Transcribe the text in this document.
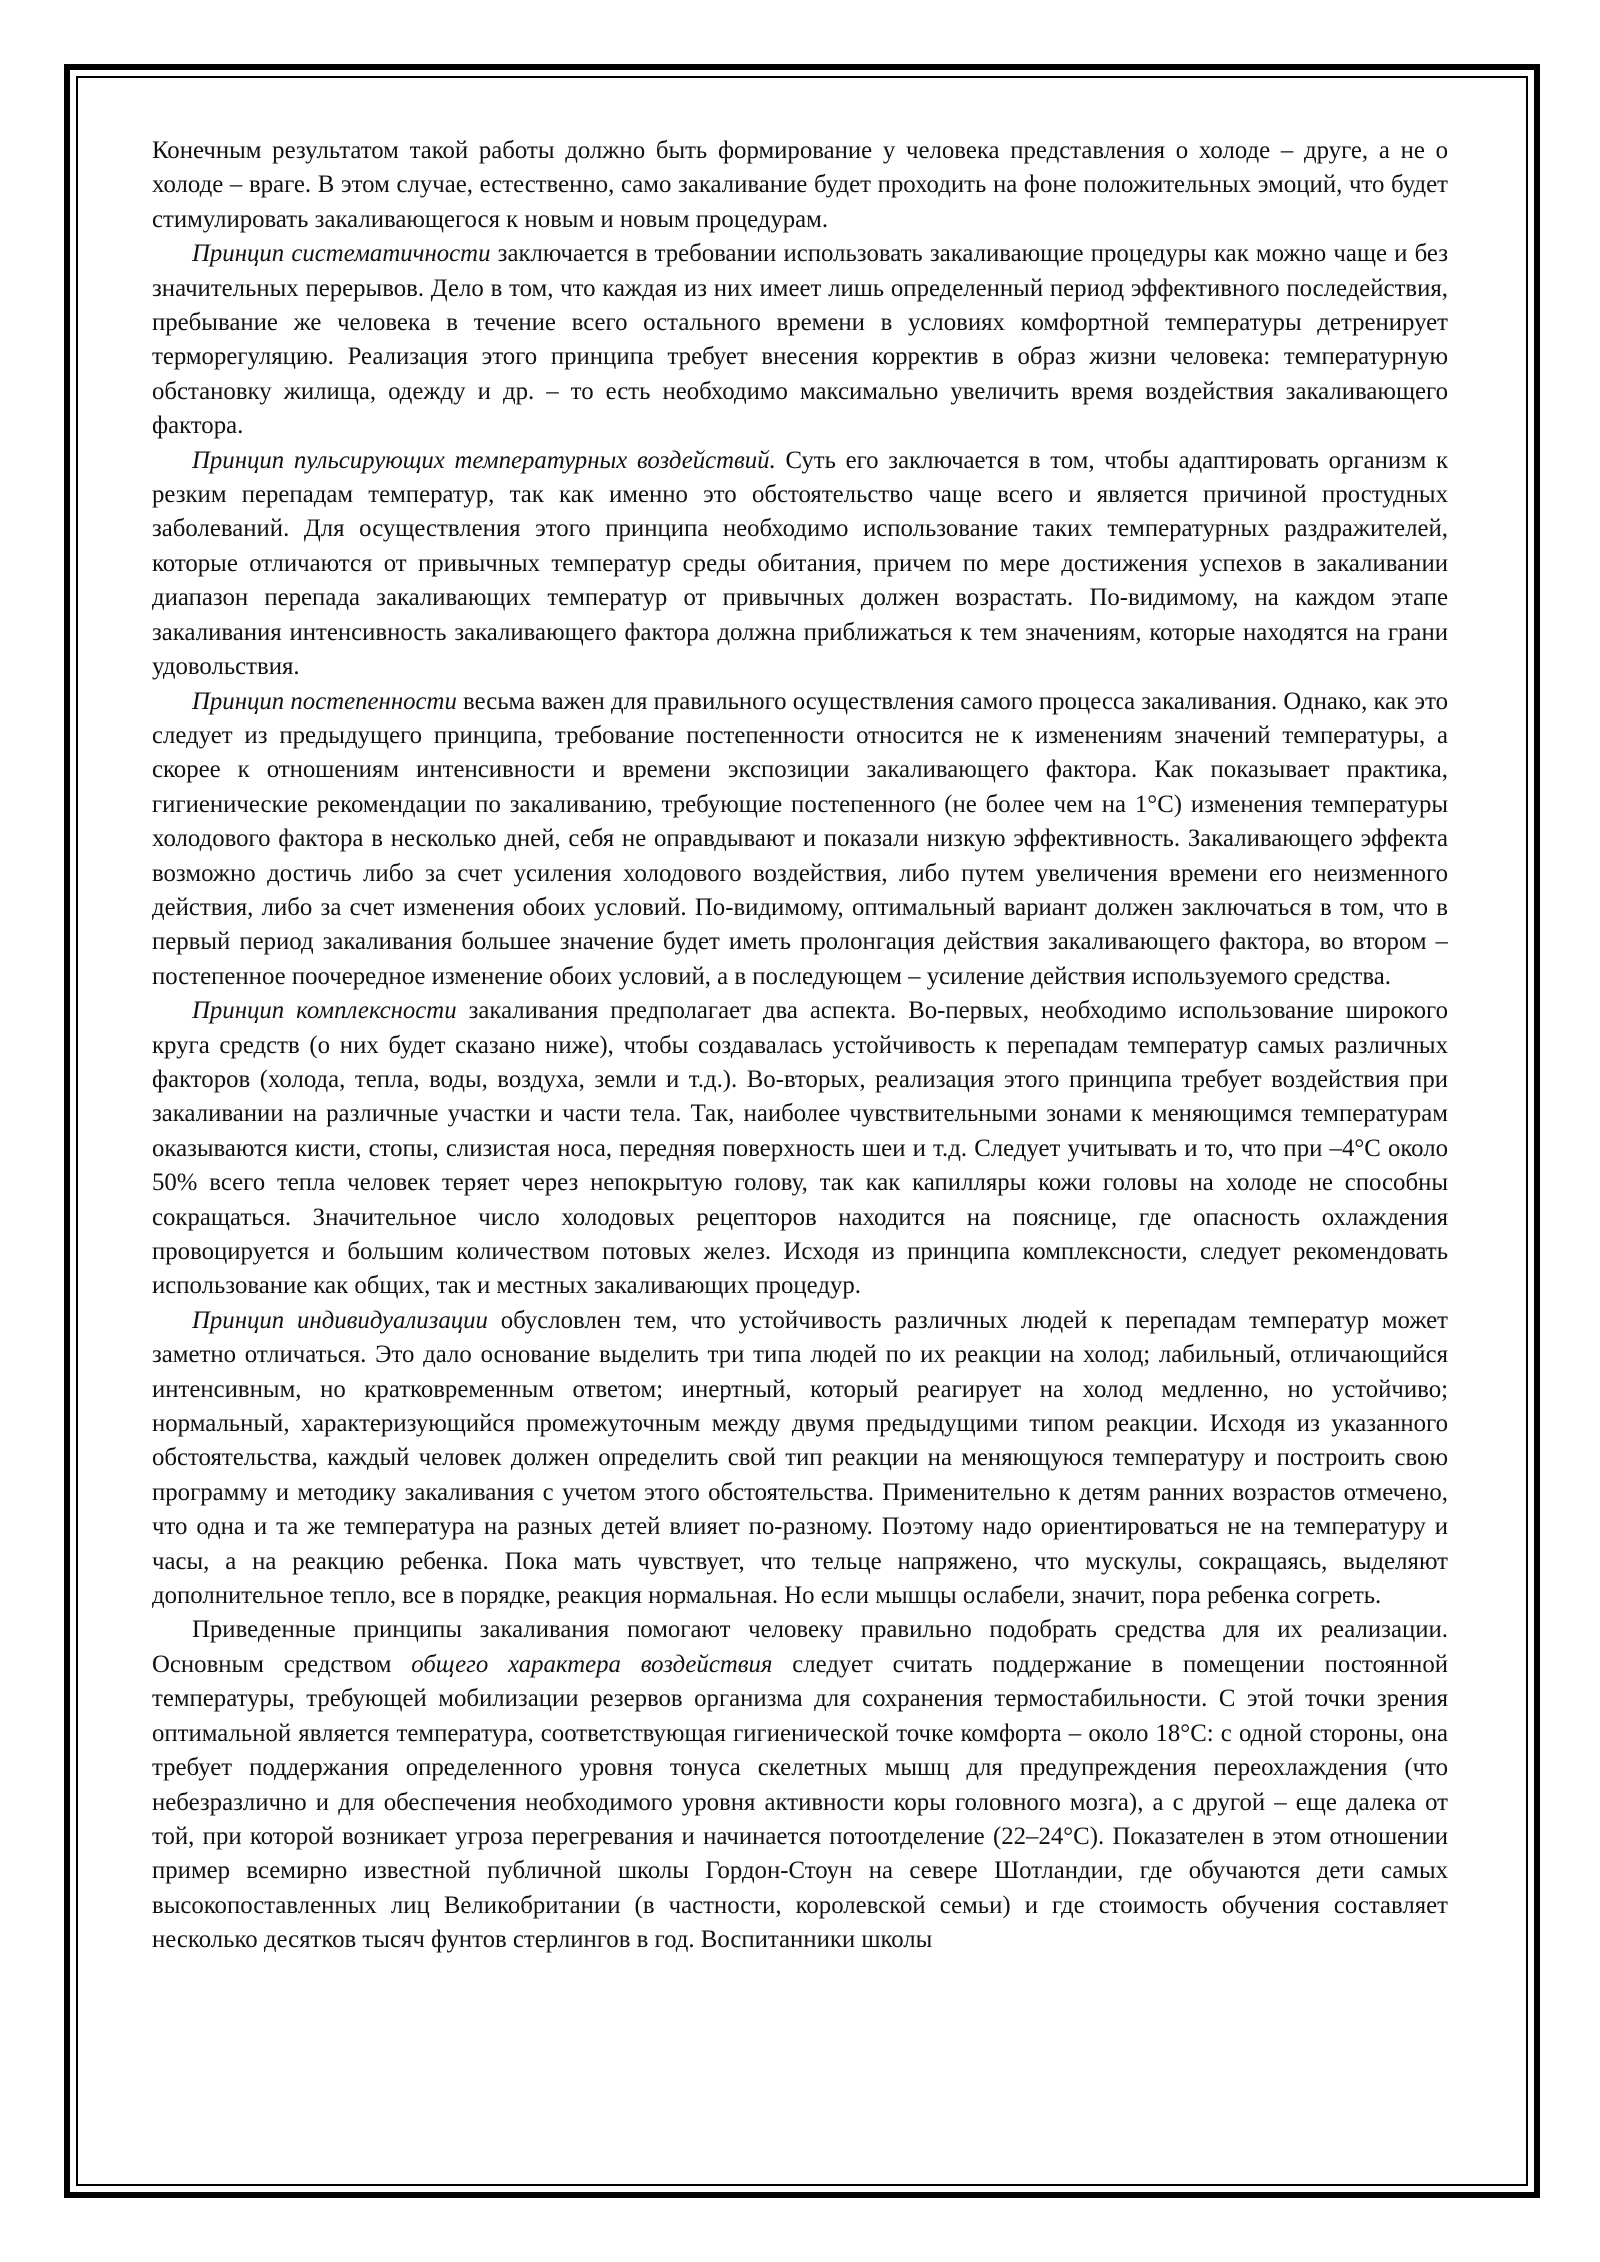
Конечным результатом такой работы должно быть формирование у человека представления о холоде – друге, а не о холоде – враге. В этом случае, естественно, само закаливание будет проходить на фоне положительных эмоций, что будет стимулировать закаливающегося к новым и новым процедурам.

Принцип систематичности заключается в требовании использовать закаливающие процедуры как можно чаще и без значительных перерывов. Дело в том, что каждая из них имеет лишь определенный период эффективного последействия, пребывание же человека в течение всего остального времени в условиях комфортной температуры детренирует терморегуляцию. Реализация этого принципа требует внесения корректив в образ жизни человека: температурную обстановку жилища, одежду и др. – то есть необходимо максимально увеличить время воздействия закаливающего фактора.

Принцип пульсирующих температурных воздействий. Суть его заключается в том, чтобы адаптировать организм к резким перепадам температур, так как именно это обстоятельство чаще всего и является причиной простудных заболеваний. Для осуществления этого принципа необходимо использование таких температурных раздражителей, которые отличаются от привычных температур среды обитания, причем по мере достижения успехов в закаливании диапазон перепада закаливающих температур от привычных должен возрастать. По-видимому, на каждом этапе закаливания интенсивность закаливающего фактора должна приближаться к тем значениям, которые находятся на грани удовольствия.

Принцип постепенности весьма важен для правильного осуществления самого процесса закаливания. Однако, как это следует из предыдущего принципа, требование постепенности относится не к изменениям значений температуры, а скорее к отношениям интенсивности и времени экспозиции закаливающего фактора. Как показывает практика, гигиенические рекомендации по закаливанию, требующие постепенного (не более чем на 1°С) изменения температуры холодового фактора в несколько дней, себя не оправдывают и показали низкую эффективность. Закаливающего эффекта возможно достичь либо за счет усиления холодового воздействия, либо путем увеличения времени его неизменного действия, либо за счет изменения обоих условий. По-видимому, оптимальный вариант должен заключаться в том, что в первый период закаливания большее значение будет иметь пролонгация действия закаливающего фактора, во втором – постепенное поочередное изменение обоих условий, а в последующем – усиление действия используемого средства.

Принцип комплексности закаливания предполагает два аспекта. Во-первых, необходимо использование широкого круга средств (о них будет сказано ниже), чтобы создавалась устойчивость к перепадам температур самых различных факторов (холода, тепла, воды, воздуха, земли и т.д.). Во-вторых, реализация этого принципа требует воздействия при закаливании на различные участки и части тела. Так, наиболее чувствительными зонами к меняющимся температурам оказываются кисти, стопы, слизистая носа, передняя поверхность шеи и т.д. Следует учитывать и то, что при –4°С около 50% всего тепла человек теряет через непокрытую голову, так как капилляры кожи головы на холоде не способны сокращаться. Значительное число холодовых рецепторов находится на пояснице, где опасность охлаждения провоцируется и большим количеством потовых желез. Исходя из принципа комплексности, следует рекомендовать использование как общих, так и местных закаливающих процедур.

Принцип индивидуализации обусловлен тем, что устойчивость различных людей к перепадам температур может заметно отличаться. Это дало основание выделить три типа людей по их реакции на холод; лабильный, отличающийся интенсивным, но кратковременным ответом; инертный, который реагирует на холод медленно, но устойчиво; нормальный, характеризующийся промежуточным между двумя предыдущими типом реакции. Исходя из указанного обстоятельства, каждый человек должен определить свой тип реакции на меняющуюся температуру и построить свою программу и методику закаливания с учетом этого обстоятельства. Применительно к детям ранних возрастов отмечено, что одна и та же температура на разных детей влияет по-разному. Поэтому надо ориентироваться не на температуру и часы, а на реакцию ребенка. Пока мать чувствует, что тельце напряжено, что мускулы, сокращаясь, выделяют дополнительное тепло, все в порядке, реакция нормальная. Но если мышцы ослабели, значит, пора ребенка согреть.

Приведенные принципы закаливания помогают человеку правильно подобрать средства для их реализации. Основным средством общего характера воздействия следует считать поддержание в помещении постоянной температуры, требующей мобилизации резервов организма для сохранения термостабильности. С этой точки зрения оптимальной является температура, соответствующая гигиенической точке комфорта – около 18°С: с одной стороны, она требует поддержания определенного уровня тонуса скелетных мышц для предупреждения переохлаждения (что небезразлично и для обеспечения необходимого уровня активности коры головного мозга), а с другой – еще далека от той, при которой возникает угроза перегревания и начинается потоотделение (22–24°С). Показателен в этом отношении пример всемирно известной публичной школы Гордон-Стоун на севере Шотландии, где обучаются дети самых высокопоставленных лиц Великобритании (в частности, королевской семьи) и где стоимость обучения составляет несколько десятков тысяч фунтов стерлингов в год. Воспитанники школы
